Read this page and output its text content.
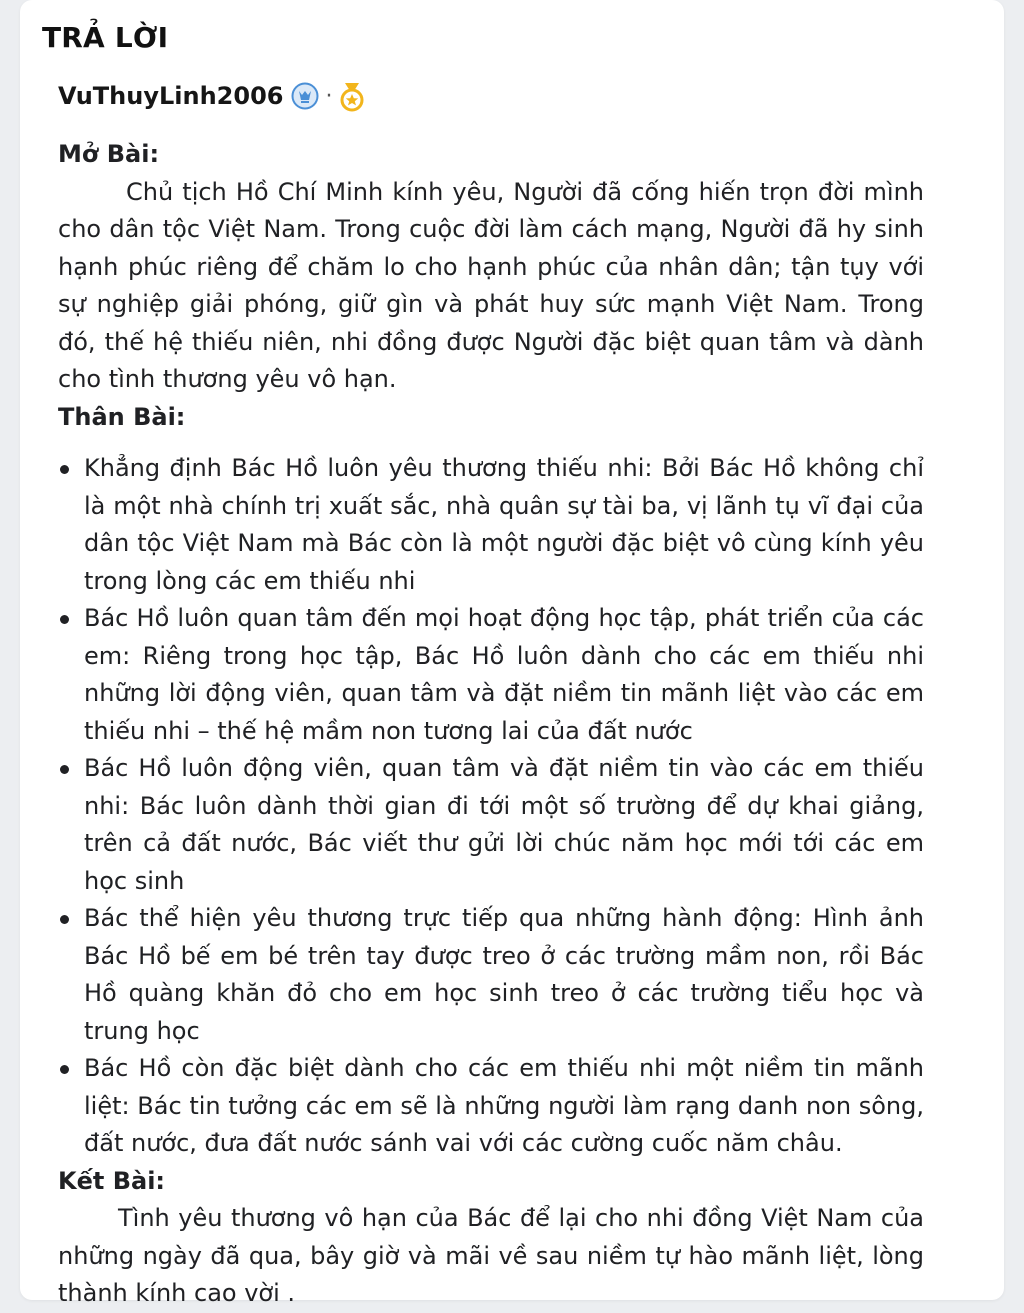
TRẢ LỜI
VuThuyLinh2006 ·

Mở Bài:

Chủ tịch Hồ Chí Minh kính yêu, Người đã cống hiến trọn đời mình cho dân tộc Việt Nam. Trong cuộc đời làm cách mạng, Người đã hy sinh hạnh phúc riêng để chăm lo cho hạnh phúc của nhân dân; tận tụy với sự nghiệp giải phóng, giữ gìn và phát huy sức mạnh Việt Nam. Trong đó, thế hệ thiếu niên, nhi đồng được Người đặc biệt quan tâm và dành cho tình thương yêu vô hạn.

Thân Bài:

Khẳng định Bác Hồ luôn yêu thương thiếu nhi: Bởi Bác Hồ không chỉ là một nhà chính trị xuất sắc, nhà quân sự tài ba, vị lãnh tụ vĩ đại của dân tộc Việt Nam mà Bác còn là một người đặc biệt vô cùng kính yêu trong lòng các em thiếu nhi
Bác Hồ luôn quan tâm đến mọi hoạt động học tập, phát triển của các em: Riêng trong học tập, Bác Hồ luôn dành cho các em thiếu nhi những lời động viên, quan tâm và đặt niềm tin mãnh liệt vào các em thiếu nhi – thế hệ mầm non tương lai của đất nước
Bác Hồ luôn động viên, quan tâm và đặt niềm tin vào các em thiếu nhi: Bác luôn dành thời gian đi tới một số trường để dự khai giảng, trên cả đất nước, Bác viết thư gửi lời chúc năm học mới tới các em học sinh
Bác thể hiện yêu thương trực tiếp qua những hành động: Hình ảnh Bác Hồ bế em bé trên tay được treo ở các trường mầm non, rồi Bác Hồ quàng khăn đỏ cho em học sinh treo ở các trường tiểu học và trung học
Bác Hồ còn đặc biệt dành cho các em thiếu nhi một niềm tin mãnh liệt: Bác tin tưởng các em sẽ là những người làm rạng danh non sông, đất nước, đưa đất nước sánh vai với các cường cuốc năm châu.

Kết Bài:

Tình yêu thương vô hạn của Bác để lại cho nhi đồng Việt Nam của những ngày đã qua, bây giờ và mãi về sau niềm tự hào mãnh liệt, lòng thành kính cao vời .
